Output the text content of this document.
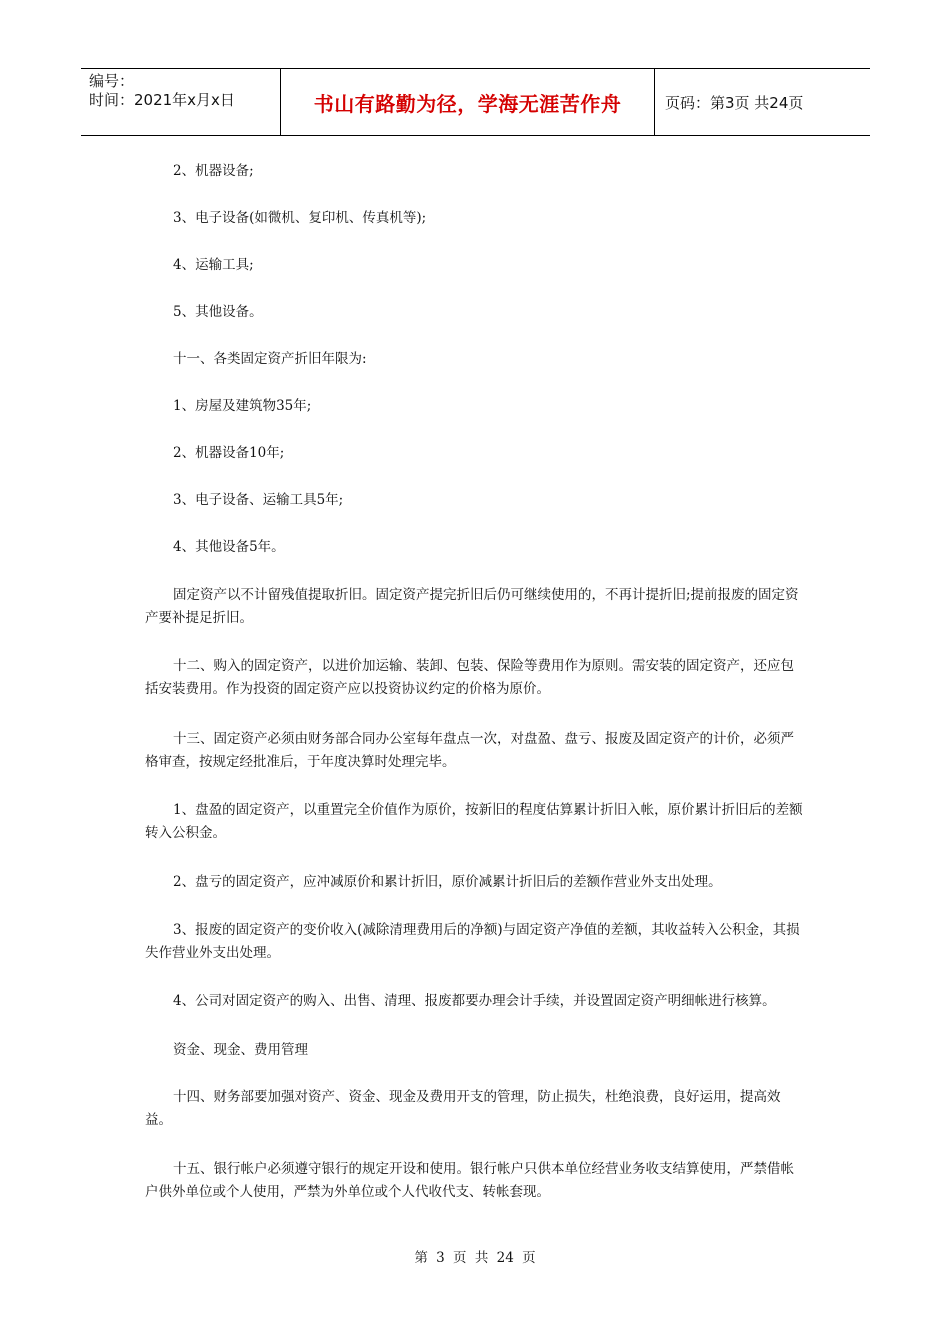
编号：
时间：2021年x月x日	书山有路勤为径，学海无涯苦作舟	页码：第3页 共24页

2、机器设备;

3、电子设备(如微机、复印机、传真机等);

4、运输工具;

5、其他设备。

十一、各类固定资产折旧年限为:

1、房屋及建筑物35年;

2、机器设备10年;

3、电子设备、运输工具5年;

4、其他设备5年。

固定资产以不计留残值提取折旧。固定资产提完折旧后仍可继续使用的，不再计提折旧;提前报废的固定资产要补提足折旧。

十二、购入的固定资产，以进价加运输、装卸、包装、保险等费用作为原则。需安装的固定资产，还应包括安装费用。作为投资的固定资产应以投资协议约定的价格为原价。

十三、固定资产必须由财务部合同办公室每年盘点一次，对盘盈、盘亏、报废及固定资产的计价，必须严格审查，按规定经批准后，于年度决算时处理完毕。

1、盘盈的固定资产，以重置完全价值作为原价，按新旧的程度估算累计折旧入帐，原价累计折旧后的差额转入公积金。

2、盘亏的固定资产，应冲减原价和累计折旧，原价减累计折旧后的差额作营业外支出处理。

3、报废的固定资产的变价收入(减除清理费用后的净额)与固定资产净值的差额，其收益转入公积金，其损失作营业外支出处理。

4、公司对固定资产的购入、出售、清理、报废都要办理会计手续，并设置固定资产明细帐进行核算。

资金、现金、费用管理

十四、财务部要加强对资产、资金、现金及费用开支的管理，防止损失，杜绝浪费，良好运用，提高效益。

十五、银行帐户必须遵守银行的规定开设和使用。银行帐户只供本单位经营业务收支结算使用，严禁借帐户供外单位或个人使用，严禁为外单位或个人代收代支、转帐套现。

第 3 页 共 24 页
